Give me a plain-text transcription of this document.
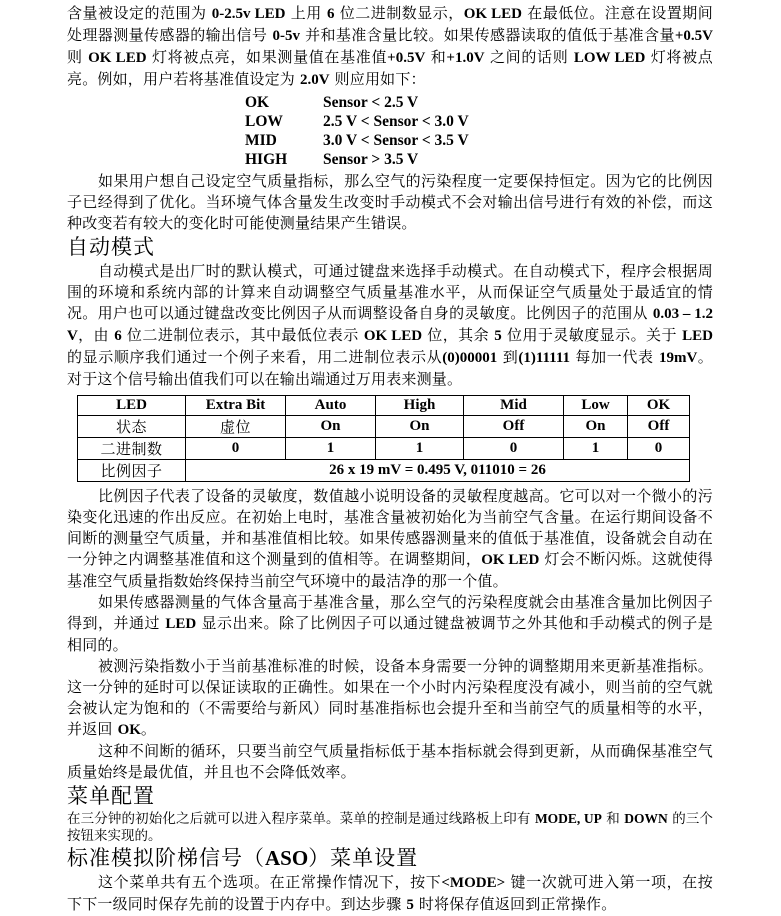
含量被设定的范围为 0-2.5v LED 上用 6 位二进制数显示，OK LED 在最低位。注意在设置期间处理器测量传感器的输出信号 0-5v 并和基准含量比较。如果传感器读取的值低于基准含量+0.5V 则 OK LED 灯将被点亮，如果测量值在基准值+0.5V 和+1.0V 之间的话则 LOW LED 灯将被点亮。例如，用户若将基准值设定为 2.0V 则应用如下：

OK	Sensor < 2.5 V
LOW	2.5 V < Sensor < 3.0 V
MID	3.0 V < Sensor < 3.5 V
HIGH	Sensor > 3.5 V

如果用户想自己设定空气质量指标，那么空气的污染程度一定要保持恒定。因为它的比例因子已经得到了优化。当环境气体含量发生改变时手动模式不会对输出信号进行有效的补偿，而这种改变若有较大的变化时可能使测量结果产生错误。

自动模式

自动模式是出厂时的默认模式，可通过键盘来选择手动模式。在自动模式下，程序会根据周围的环境和系统内部的计算来自动调整空气质量基准水平，从而保证空气质量处于最适宜的情况。用户也可以通过键盘改变比例因子从而调整设备自身的灵敏度。比例因子的范围从 0.03 – 1.2 V，由 6 位二进制位表示，其中最低位表示 OK LED 位，其余 5 位用于灵敏度显示。关于 LED 的显示顺序我们通过一个例子来看，用二进制位表示从(0)00001 到(1)11111 每加一代表 19mV。对于这个信号输出值我们可以在输出端通过万用表来测量。

LED	Extra Bit	Auto	High	Mid	Low	OK
状态	虚位	On	On	Off	On	Off
二进制数	0	1	1	0	1	0
比例因子	26 x 19 mV = 0.495 V, 011010 = 26					

比例因子代表了设备的灵敏度，数值越小说明设备的灵敏程度越高。它可以对一个微小的污染变化迅速的作出反应。在初始上电时，基准含量被初始化为当前空气含量。在运行期间设备不间断的测量空气质量，并和基准值相比较。如果传感器测量来的值低于基准值，设备就会自动在一分钟之内调整基准值和这个测量到的值相等。在调整期间，OK LED 灯会不断闪烁。这就使得基准空气质量指数始终保持当前空气环境中的最洁净的那一个值。

如果传感器测量的气体含量高于基准含量，那么空气的污染程度就会由基准含量加比例因子得到，并通过 LED 显示出来。除了比例因子可以通过键盘被调节之外其他和手动模式的例子是相同的。

被测污染指数小于当前基准标准的时候，设备本身需要一分钟的调整期用来更新基准指标。这一分钟的延时可以保证读取的正确性。如果在一个小时内污染程度没有减小，则当前的空气就会被认定为饱和的（不需要给与新风）同时基准指标也会提升至和当前空气的质量相等的水平，并返回 OK。

这种不间断的循环，只要当前空气质量指标低于基本指标就会得到更新，从而确保基准空气质量始终是最优值，并且也不会降低效率。

菜单配置

在三分钟的初始化之后就可以进入程序菜单。菜单的控制是通过线路板上印有 MODE, UP 和 DOWN 的三个按钮来实现的。

标准模拟阶梯信号（ASO）菜单设置

这个菜单共有五个选项。在正常操作情况下，按下<MODE> 键一次就可进入第一项，在按下下一级同时保存先前的设置于内存中。到达步骤 5 时将保存值返回到正常操作。
